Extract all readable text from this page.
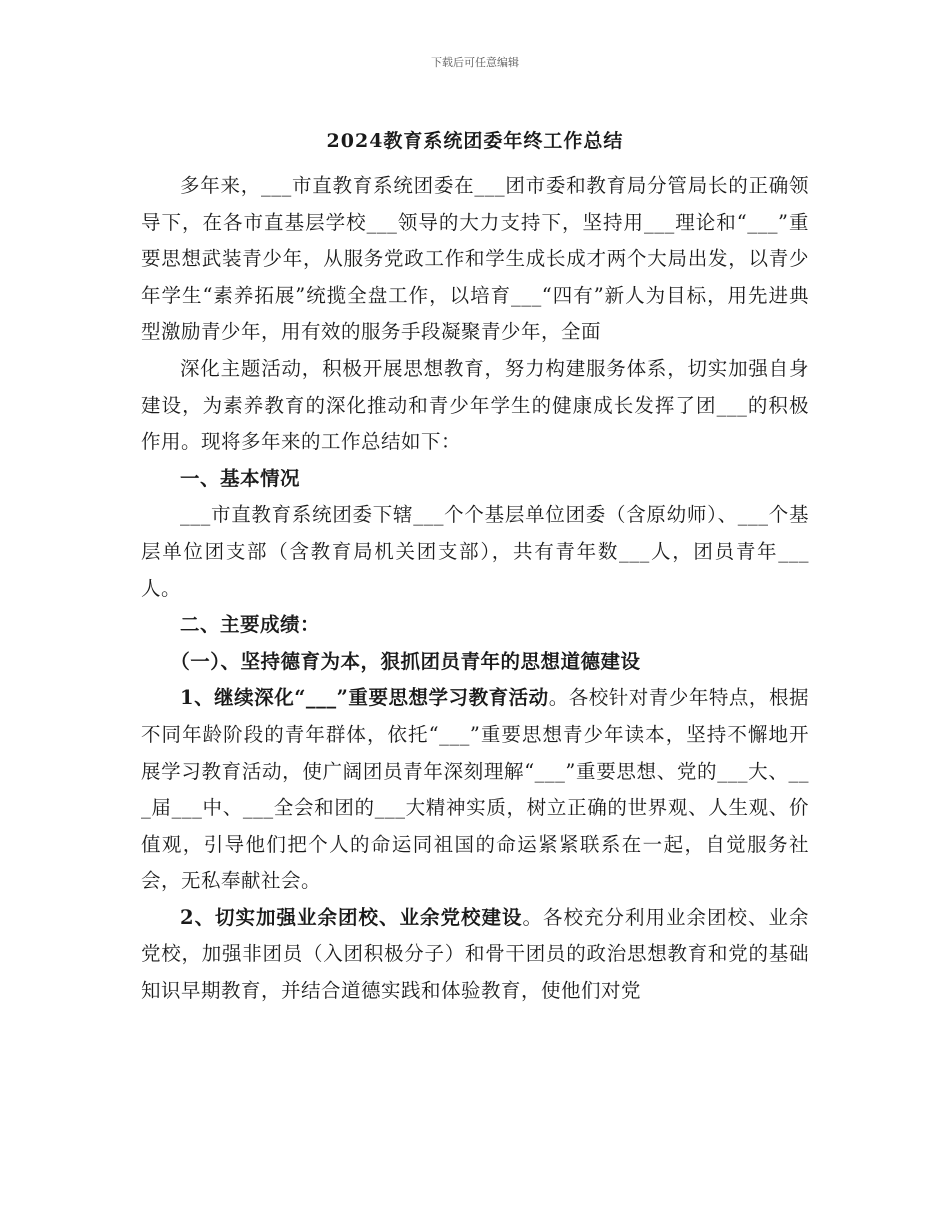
下载后可任意编辑
2024教育系统团委年终工作总结

多年来，___市直教育系统团委在___团市委和教育局分管局长的正确领导下，在各市直基层学校___领导的大力支持下，坚持用___理论和“___”重要思想武装青少年，从服务党政工作和学生成长成才两个大局出发，以青少年学生“素养拓展”统揽全盘工作，以培育___“四有”新人为目标，用先进典型激励青少年，用有效的服务手段凝聚青少年，全面

深化主题活动，积极开展思想教育，努力构建服务体系，切实加强自身建设，为素养教育的深化推动和青少年学生的健康成长发挥了团___的积极作用。现将多年来的工作总结如下：

一、基本情况

___市直教育系统团委下辖___个个基层单位团委（含原幼师）、___个基层单位团支部（含教育局机关团支部），共有青年数___人，团员青年___人。

二、主要成绩：

（一）、坚持德育为本，狠抓团员青年的思想道德建设

1、继续深化“___”重要思想学习教育活动。各校针对青少年特点，根据不同年龄阶段的青年群体，依托“___”重要思想青少年读本，坚持不懈地开展学习教育活动，使广阔团员青年深刻理解“___”重要思想、党的___大、___届___中、___全会和团的___大精神实质，树立正确的世界观、人生观、价值观，引导他们把个人的命运同祖国的命运紧紧联系在一起，自觉服务社会，无私奉献社会。

2、切实加强业余团校、业余党校建设。各校充分利用业余团校、业余党校，加强非团员（入团积极分子）和骨干团员的政治思想教育和党的基础知识早期教育，并结合道德实践和体验教育，使他们对党
